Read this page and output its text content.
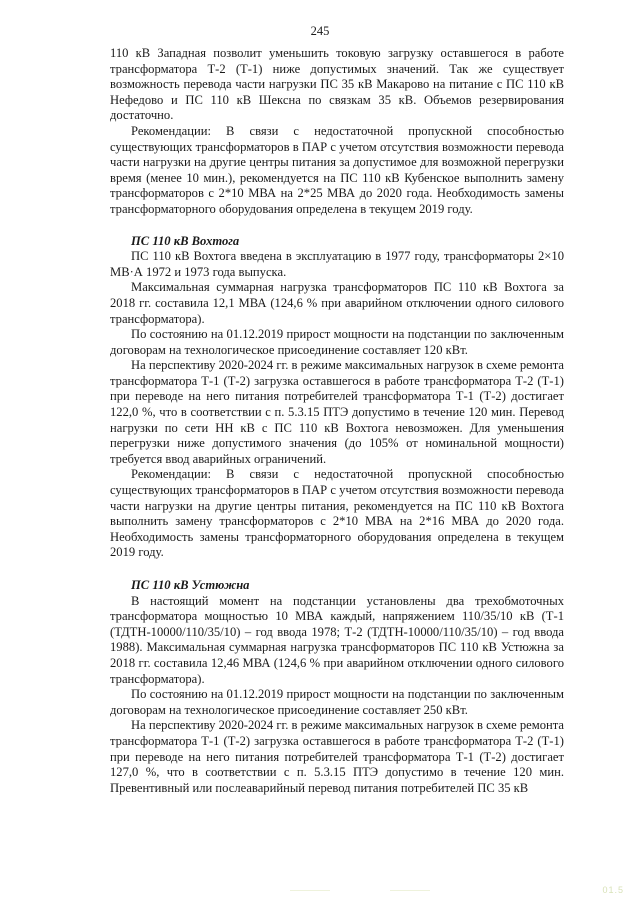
245

110 кВ Западная позволит уменьшить токовую загрузку оставшегося в работе трансформатора Т-2 (Т-1) ниже допустимых значений. Так же существует возможность перевода части нагрузки ПС 35 кВ Макарово на питание с ПС 110 кВ Нефедово и ПС 110 кВ Шексна по связкам 35 кВ. Объемов резервирования достаточно.

Рекомендации: В связи с недостаточной пропускной способностью существующих трансформаторов в ПАР с учетом отсутствия возможности перевода части нагрузки на другие центры питания за допустимое для возможной перегрузки время (менее 10 мин.), рекомендуется на ПС 110 кВ Кубенское выполнить замену трансформаторов с 2*10 МВА на 2*25 МВА до 2020 года. Необходимость замены трансформаторного оборудования определена в текущем 2019 году.

ПС 110 кВ Вохтога

ПС 110 кВ Вохтога введена в эксплуатацию в 1977 году, трансформаторы 2×10 МВ·А 1972 и 1973 года выпуска.

Максимальная суммарная нагрузка трансформаторов ПС 110 кВ Вохтога за 2018 гг. составила 12,1 МВА (124,6 % при аварийном отключении одного силового трансформатора).

По состоянию на 01.12.2019 прирост мощности на подстанции по заключенным договорам на технологическое присоединение составляет 120 кВт.

На перспективу 2020-2024 гг. в режиме максимальных нагрузок в схеме ремонта трансформатора Т-1 (Т-2) загрузка оставшегося в работе трансформатора Т-2 (Т-1) при переводе на него питания потребителей трансформатора Т-1 (Т-2) достигает 122,0 %, что в соответствии с п. 5.3.15 ПТЭ допустимо в течение 120 мин. Перевод нагрузки по сети НН кВ с ПС 110 кВ Вохтога невозможен. Для уменьшения перегрузки ниже допустимого значения (до 105% от номинальной мощности) требуется ввод аварийных ограничений.

Рекомендации: В связи с недостаточной пропускной способностью существующих трансформаторов в ПАР с учетом отсутствия возможности перевода части нагрузки на другие центры питания, рекомендуется на ПС 110 кВ Вохтога выполнить замену трансформаторов с 2*10 МВА на 2*16 МВА до 2020 года. Необходимость замены трансформаторного оборудования определена в текущем 2019 году.

ПС 110 кВ Устюжна

В настоящий момент на подстанции установлены два трехобмоточных трансформатора мощностью 10 МВА каждый, напряжением 110/35/10 кВ (Т-1 (ТДТН-10000/110/35/10) – год ввода 1978; Т-2 (ТДТН-10000/110/35/10) – год ввода 1988). Максимальная суммарная нагрузка трансформаторов ПС 110 кВ Устюжна за 2018 гг. составила 12,46 МВА (124,6 % при аварийном отключении одного силового трансформатора).

По состоянию на 01.12.2019 прирост мощности на подстанции по заключенным договорам на технологическое присоединение составляет 250 кВт.

На перспективу 2020-2024 гг. в режиме максимальных нагрузок в схеме ремонта трансформатора Т-1 (Т-2) загрузка оставшегося в работе трансформатора Т-2 (Т-1) при переводе на него питания потребителей трансформатора Т-1 (Т-2) достигает 127,0 %, что в соответствии с п. 5.3.15 ПТЭ допустимо в течение 120 мин. Превентивный или послеаварийный перевод питания потребителей ПС 35 кВ

01.5
